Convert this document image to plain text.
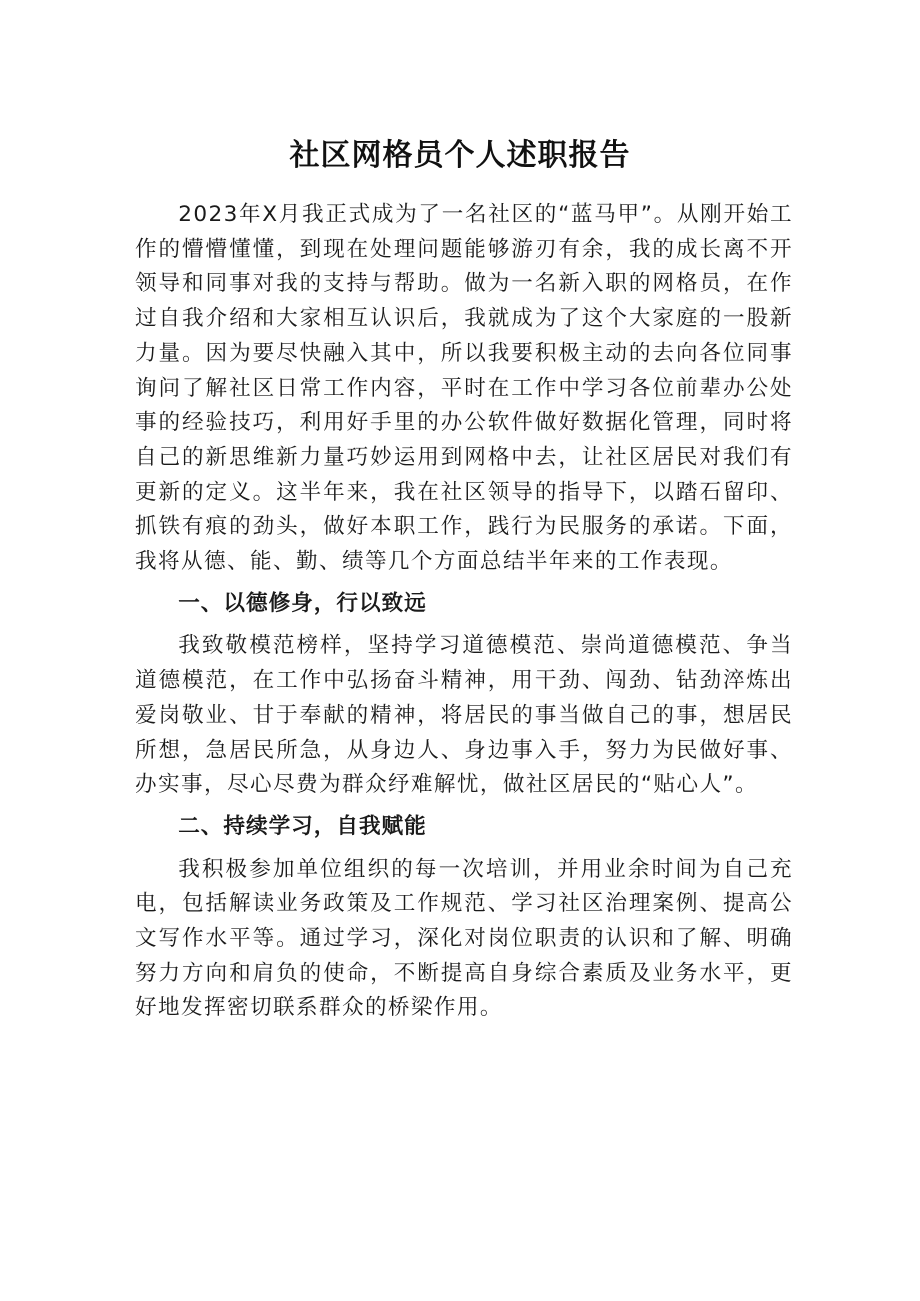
社区网格员个人述职报告

2023年X月我正式成为了一名社区的“蓝马甲”。从刚开始工作的懵懵懂懂，到现在处理问题能够游刃有余，我的成长离不开领导和同事对我的支持与帮助。做为一名新入职的网格员，在作过自我介绍和大家相互认识后，我就成为了这个大家庭的一股新力量。因为要尽快融入其中，所以我要积极主动的去向各位同事询问了解社区日常工作内容，平时在工作中学习各位前辈办公处事的经验技巧，利用好手里的办公软件做好数据化管理，同时将自己的新思维新力量巧妙运用到网格中去，让社区居民对我们有更新的定义。这半年来，我在社区领导的指导下，以踏石留印、抓铁有痕的劲头，做好本职工作，践行为民服务的承诺。下面，我将从德、能、勤、绩等几个方面总结半年来的工作表现。

一、以德修身，行以致远

我致敬模范榜样，坚持学习道德模范、崇尚道德模范、争当道德模范，在工作中弘扬奋斗精神，用干劲、闯劲、钻劲淬炼出爱岗敬业、甘于奉献的精神，将居民的事当做自己的事，想居民所想，急居民所急，从身边人、身边事入手，努力为民做好事、办实事，尽心尽费为群众纾难解忧，做社区居民的“贴心人”。

二、持续学习，自我赋能

我积极参加单位组织的每一次培训，并用业余时间为自己充电，包括解读业务政策及工作规范、学习社区治理案例、提高公文写作水平等。通过学习，深化对岗位职责的认识和了解、明确努力方向和肩负的使命，不断提高自身综合素质及业务水平，更好地发挥密切联系群众的桥梁作用。
